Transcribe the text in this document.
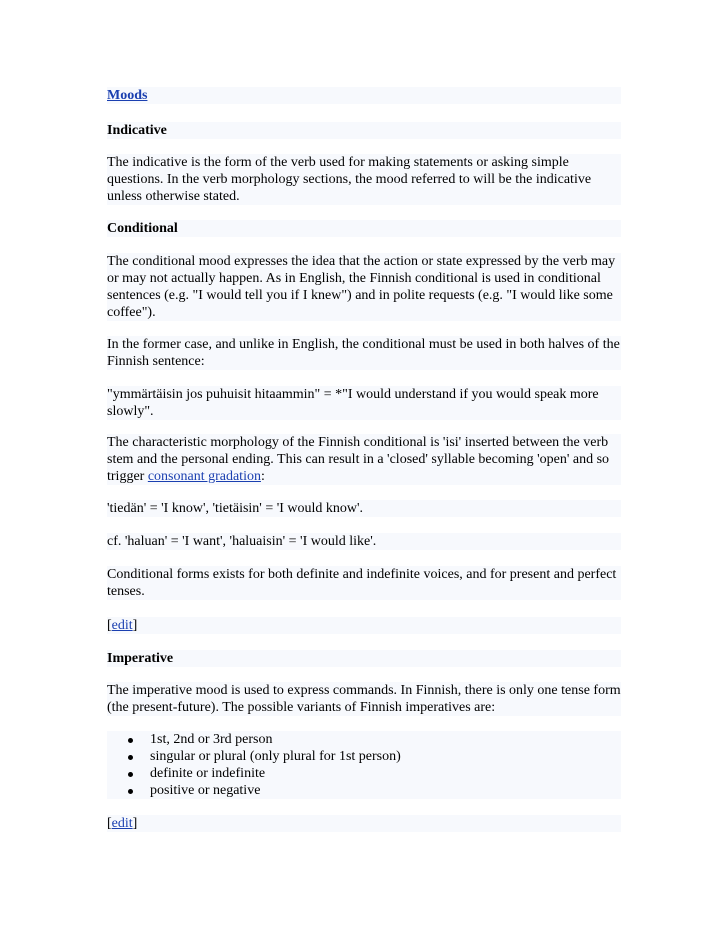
Moods

Indicative

The indicative is the form of the verb used for making statements or asking simple questions. In the verb morphology sections, the mood referred to will be the indicative unless otherwise stated.

Conditional

The conditional mood expresses the idea that the action or state expressed by the verb may or may not actually happen. As in English, the Finnish conditional is used in conditional sentences (e.g. "I would tell you if I knew") and in polite requests (e.g. "I would like some coffee").

In the former case, and unlike in English, the conditional must be used in both halves of the Finnish sentence:

"ymmärtäisin jos puhuisit hitaammin" = *"I would understand if you would speak more slowly".

The characteristic morphology of the Finnish conditional is 'isi' inserted between the verb stem and the personal ending. This can result in a 'closed' syllable becoming 'open' and so trigger consonant gradation:

'tiedän' = 'I know', 'tietäisin' = 'I would know'.

cf. 'haluan' = 'I want', 'haluaisin' = 'I would like'.

Conditional forms exists for both definite and indefinite voices, and for present and perfect tenses.

[edit]

Imperative

The imperative mood is used to express commands. In Finnish, there is only one tense form (the present-future). The possible variants of Finnish imperatives are:

1st, 2nd or 3rd person
singular or plural (only plural for 1st person)
definite or indefinite
positive or negative

[edit]
